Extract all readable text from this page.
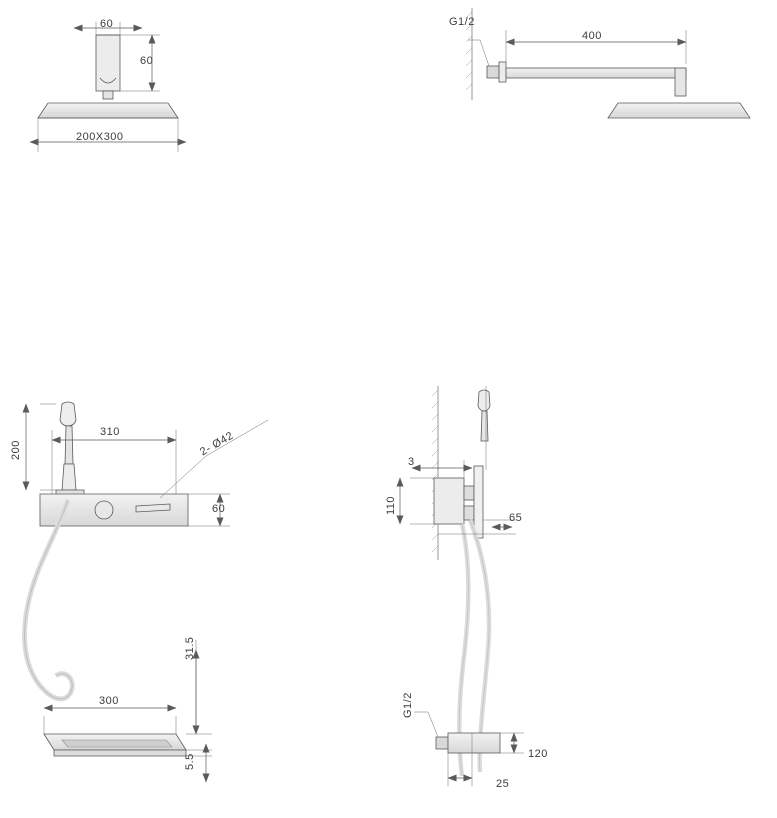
60
60
200X300
G1/2
400
200
310	2- Ø42
60
3
110
65
300
31.5
5.5
G1/2
120
25
